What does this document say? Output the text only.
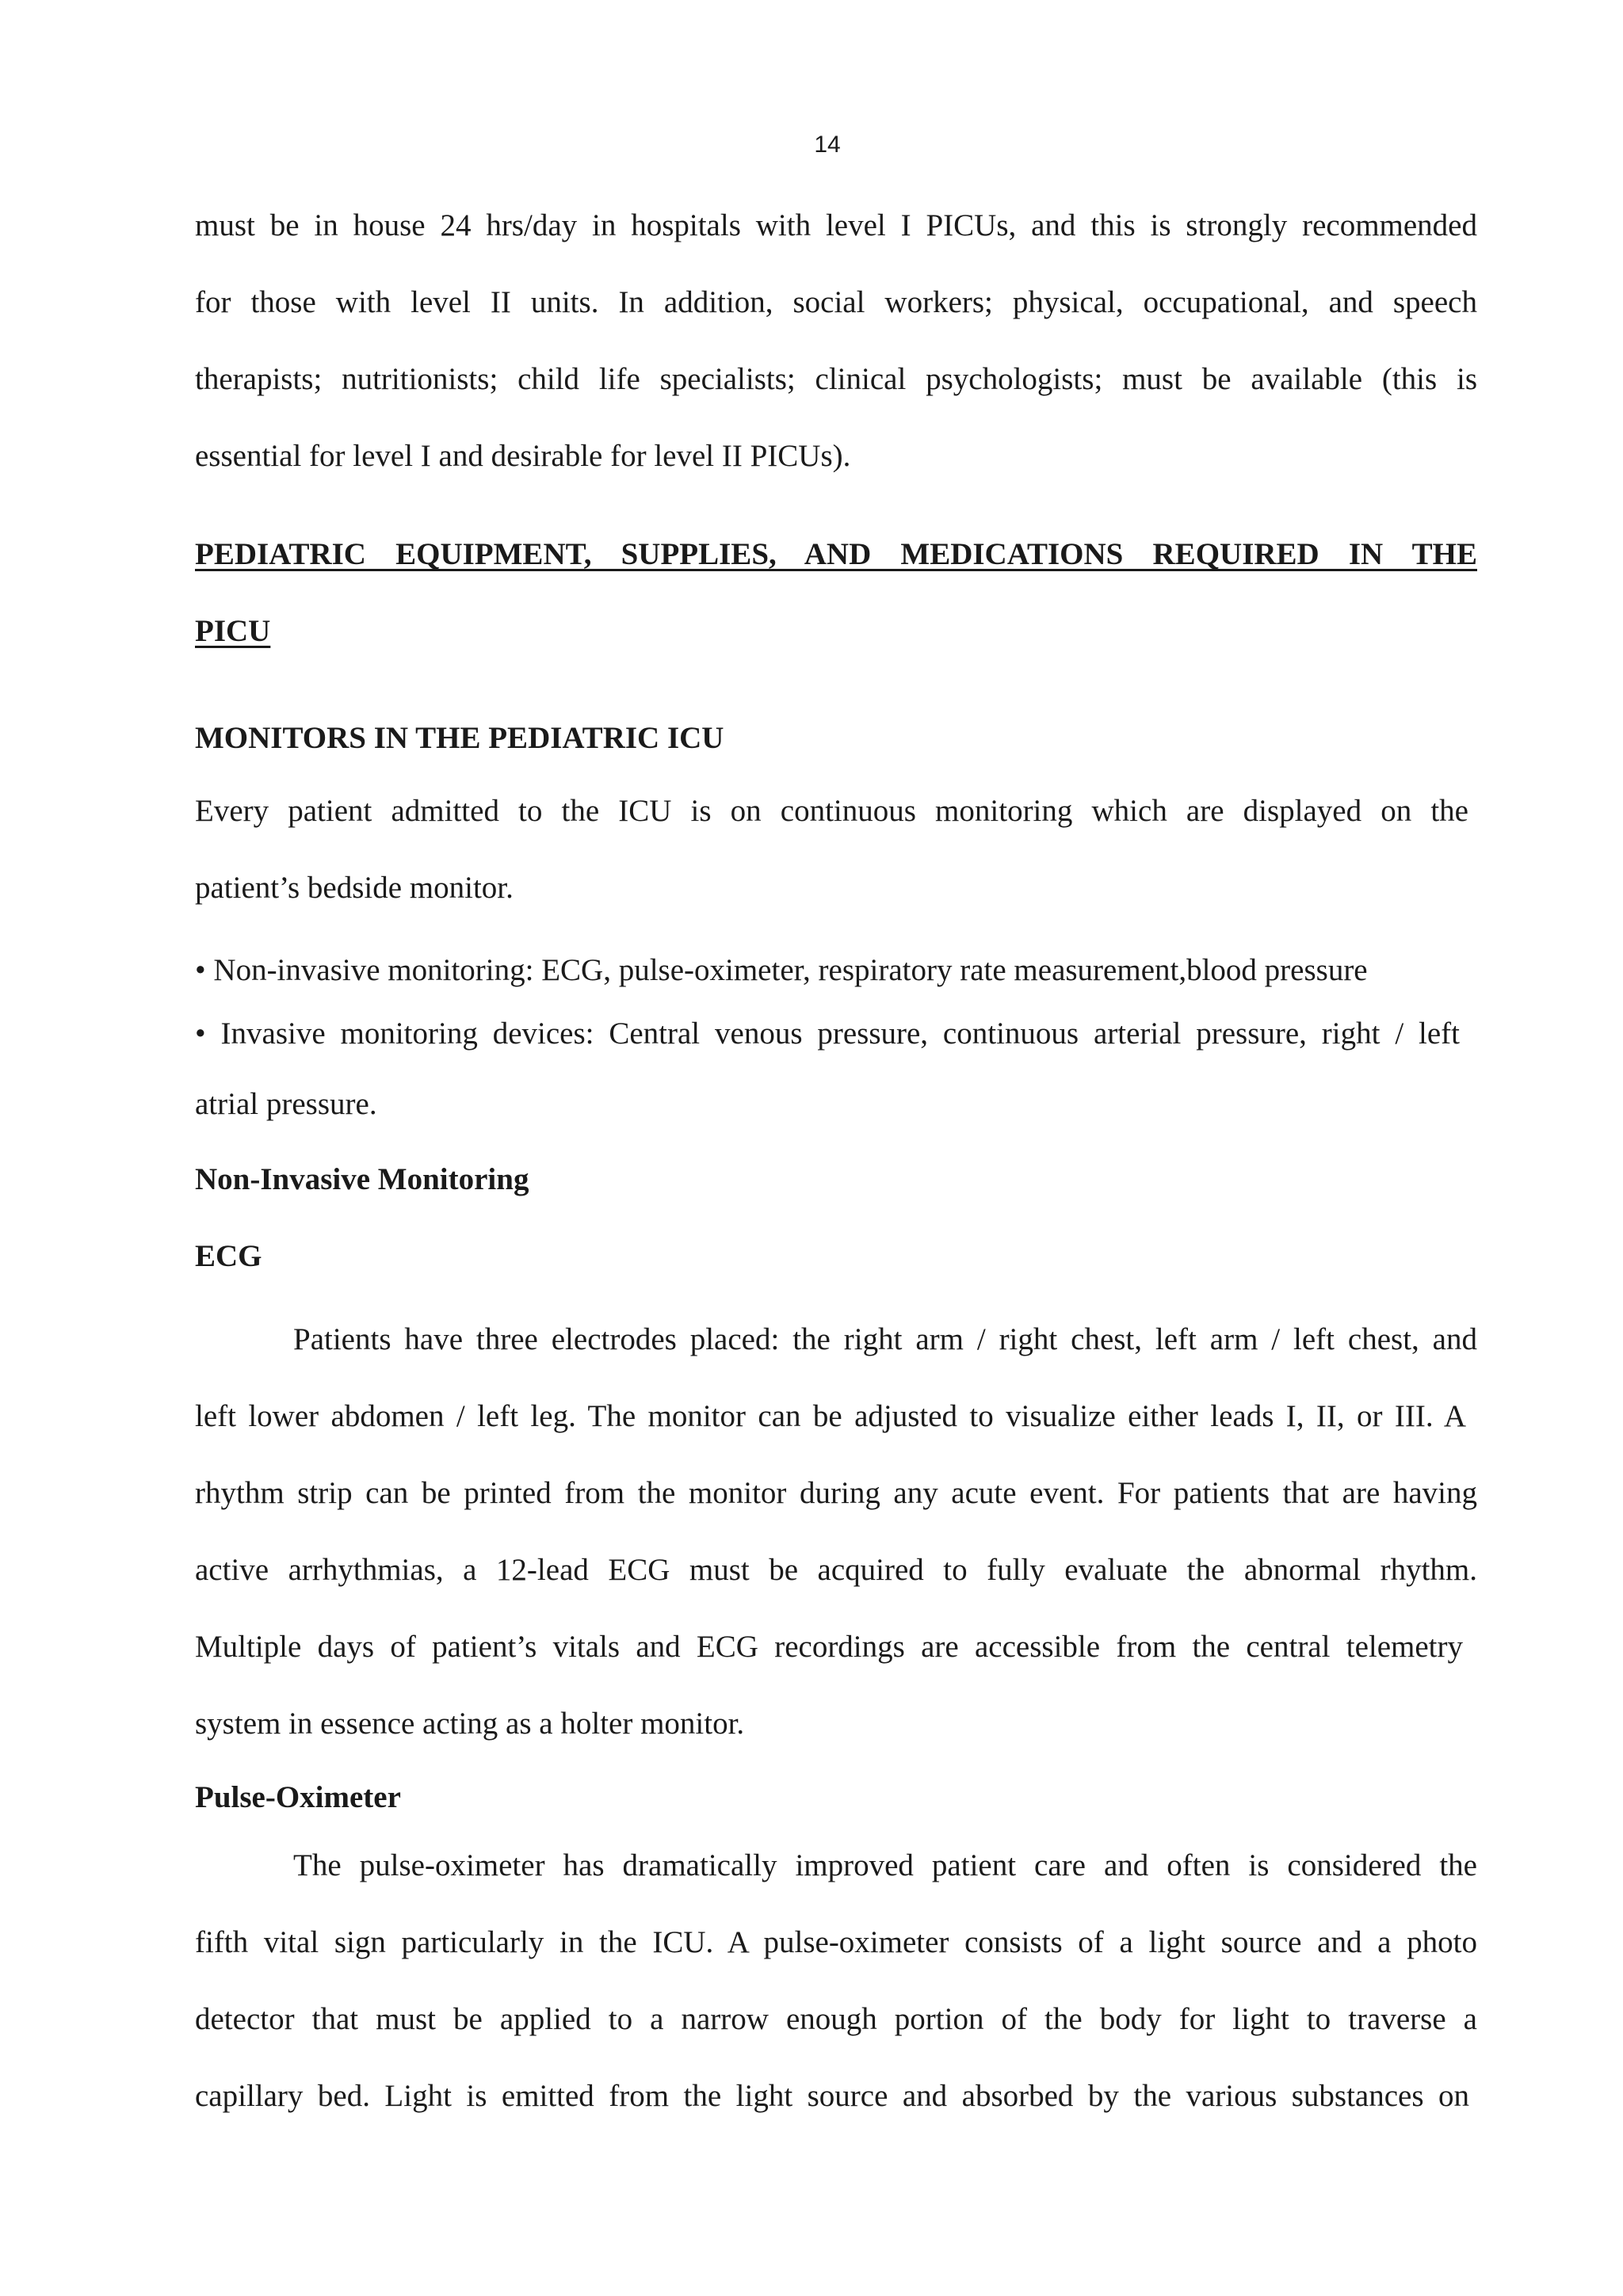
14
must be in house 24 hrs/day in hospitals with level I PICUs, and this is strongly recommended
for those with level II units. In addition, social workers; physical, occupational, and speech
therapists; nutritionists; child life specialists; clinical psychologists; must be available (this is
essential for level I and desirable for level II PICUs).
PEDIATRIC EQUIPMENT, SUPPLIES, AND MEDICATIONS REQUIRED IN THE
PICU
MONITORS IN THE PEDIATRIC ICU
Every patient admitted to the ICU is on continuous monitoring which are displayed on the
patient’s bedside monitor.
• Non-invasive monitoring: ECG, pulse-oximeter, respiratory rate measurement,blood pressure
• Invasive monitoring devices: Central venous pressure, continuous arterial pressure, right / left
atrial pressure.
Non-Invasive Monitoring
ECG
Patients have three electrodes placed: the right arm / right chest, left arm / left chest, and
left lower abdomen / left leg. The monitor can be adjusted to visualize either leads I, II, or III. A
rhythm strip can be printed from the monitor during any acute event. For patients that are having
active arrhythmias, a 12-lead ECG must be acquired to fully evaluate the abnormal rhythm.
Multiple days of patient’s vitals and ECG recordings are accessible from the central telemetry
system in essence acting as a holter monitor.
Pulse-Oximeter
The pulse-oximeter has dramatically improved patient care and often is considered the
fifth vital sign particularly in the ICU. A pulse-oximeter consists of a light source and a photo
detector that must be applied to a narrow enough portion of the body for light to traverse a
capillary bed. Light is emitted from the light source and absorbed by the various substances on
